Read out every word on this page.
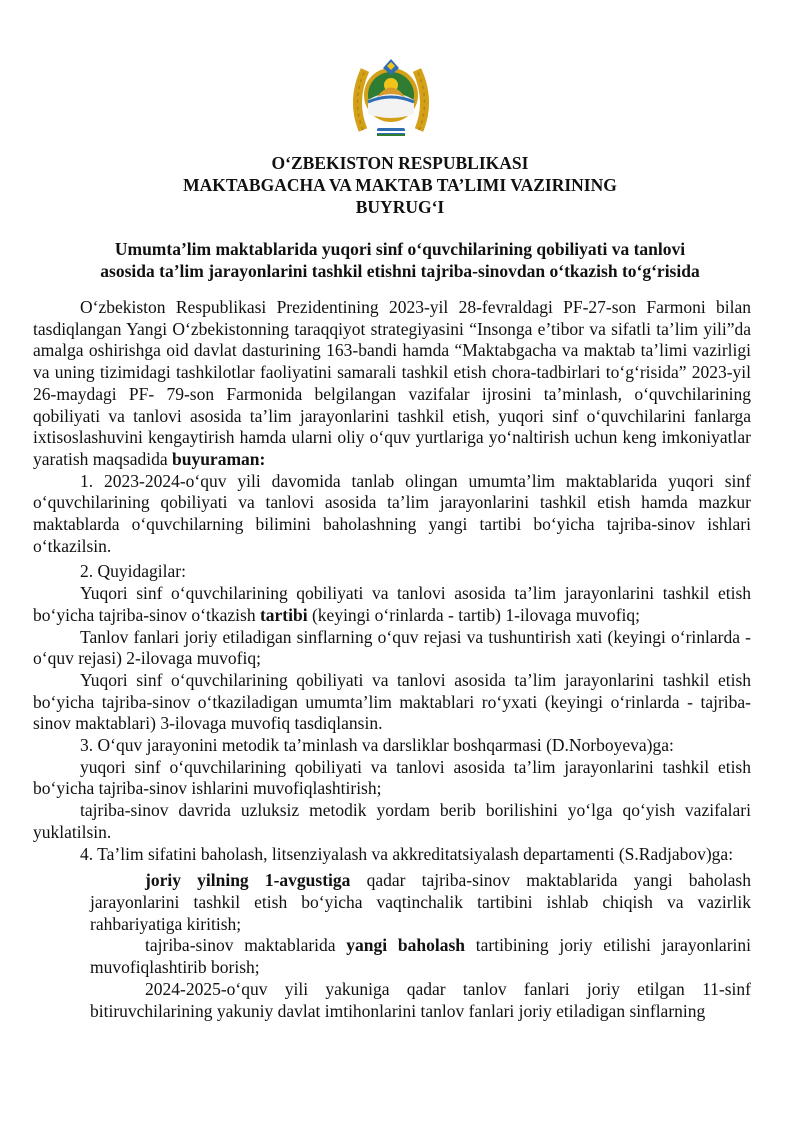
O‘ZBEKISTON RESPUBLIKASI
MAKTABGACHA VA MAKTAB TA’LIMI VAZIRINING
BUYRUG‘I
Umumta’lim maktablarida yuqori sinf o‘quvchilarining qobiliyati va tanlovi
asosida ta’lim jarayonlarini tashkil etishni tajriba-sinovdan o‘tkazish to‘g‘risida

O‘zbekiston Respublikasi Prezidentining 2023-yil 28-fevraldagi PF-27-son Farmoni bilan tasdiqlangan Yangi O‘zbekistonning taraqqiyot strategiyasini “Insonga e’tibor va sifatli ta’lim yili”da amalga oshirishga oid davlat dasturining 163-bandi hamda “Maktabgacha va maktab ta’limi vazirligi va uning tizimidagi tashkilotlar faoliyatini samarali tashkil etish chora-tadbirlari to‘g‘risida” 2023-yil 26-maydagi PF- 79-son Farmonida belgilangan vazifalar ijrosini ta’minlash, o‘quvchilarining qobiliyati va tanlovi asosida ta’lim jarayonlarini tashkil etish, yuqori sinf o‘quvchilarini fanlarga ixtisoslashuvini kengaytirish hamda ularni oliy o‘quv yurtlariga yo‘naltirish uchun keng imkoniyatlar yaratish maqsadida buyuraman:

1. 2023-2024-o‘quv yili davomida tanlab olingan umumta’lim maktablarida yuqori sinf o‘quvchilarining qobiliyati va tanlovi asosida ta’lim jarayonlarini tashkil etish hamda mazkur maktablarda o‘quvchilarning bilimini baholashning yangi tartibi bo‘yicha tajriba-sinov ishlari o‘tkazilsin.

2. Quyidagilar:

Yuqori sinf o‘quvchilarining qobiliyati va tanlovi asosida ta’lim jarayonlarini tashkil etish bo‘yicha tajriba-sinov o‘tkazish tartibi (keyingi o‘rinlarda - tartib) 1-ilovaga muvofiq;

Tanlov fanlari joriy etiladigan sinflarning o‘quv rejasi va tushuntirish xati (keyingi o‘rinlarda - o‘quv rejasi) 2-ilovaga muvofiq;

Yuqori sinf o‘quvchilarining qobiliyati va tanlovi asosida ta’lim jarayonlarini tashkil etish bo‘yicha tajriba-sinov o‘tkaziladigan umumta’lim maktablari ro‘yxati (keyingi o‘rinlarda - tajriba-sinov maktablari) 3-ilovaga muvofiq tasdiqlansin.

3. O‘quv jarayonini metodik ta’minlash va darsliklar boshqarmasi (D.Norboyeva)ga:

yuqori sinf o‘quvchilarining qobiliyati va tanlovi asosida ta’lim jarayonlarini tashkil etish bo‘yicha tajriba-sinov ishlarini muvofiqlashtirish;

tajriba-sinov davrida uzluksiz metodik yordam berib borilishini yo‘lga qo‘yish vazifalari yuklatilsin.

4. Ta’lim sifatini baholash, litsenziyalash va akkreditatsiyalash departamenti (S.Radjabov)ga:

joriy yilning 1-avgustiga qadar tajriba-sinov maktablarida yangi baholash jarayonlarini tashkil etish bo‘yicha vaqtinchalik tartibini ishlab chiqish va vazirlik rahbariyatiga kiritish;

tajriba-sinov maktablarida yangi baholash tartibining joriy etilishi jarayonlarini muvofiqlashtirib borish;

2024-2025-o‘quv yili yakuniga qadar tanlov fanlari joriy etilgan 11-sinf bitiruvchilarining yakuniy davlat imtihonlarini tanlov fanlari joriy etiladigan sinflarning
